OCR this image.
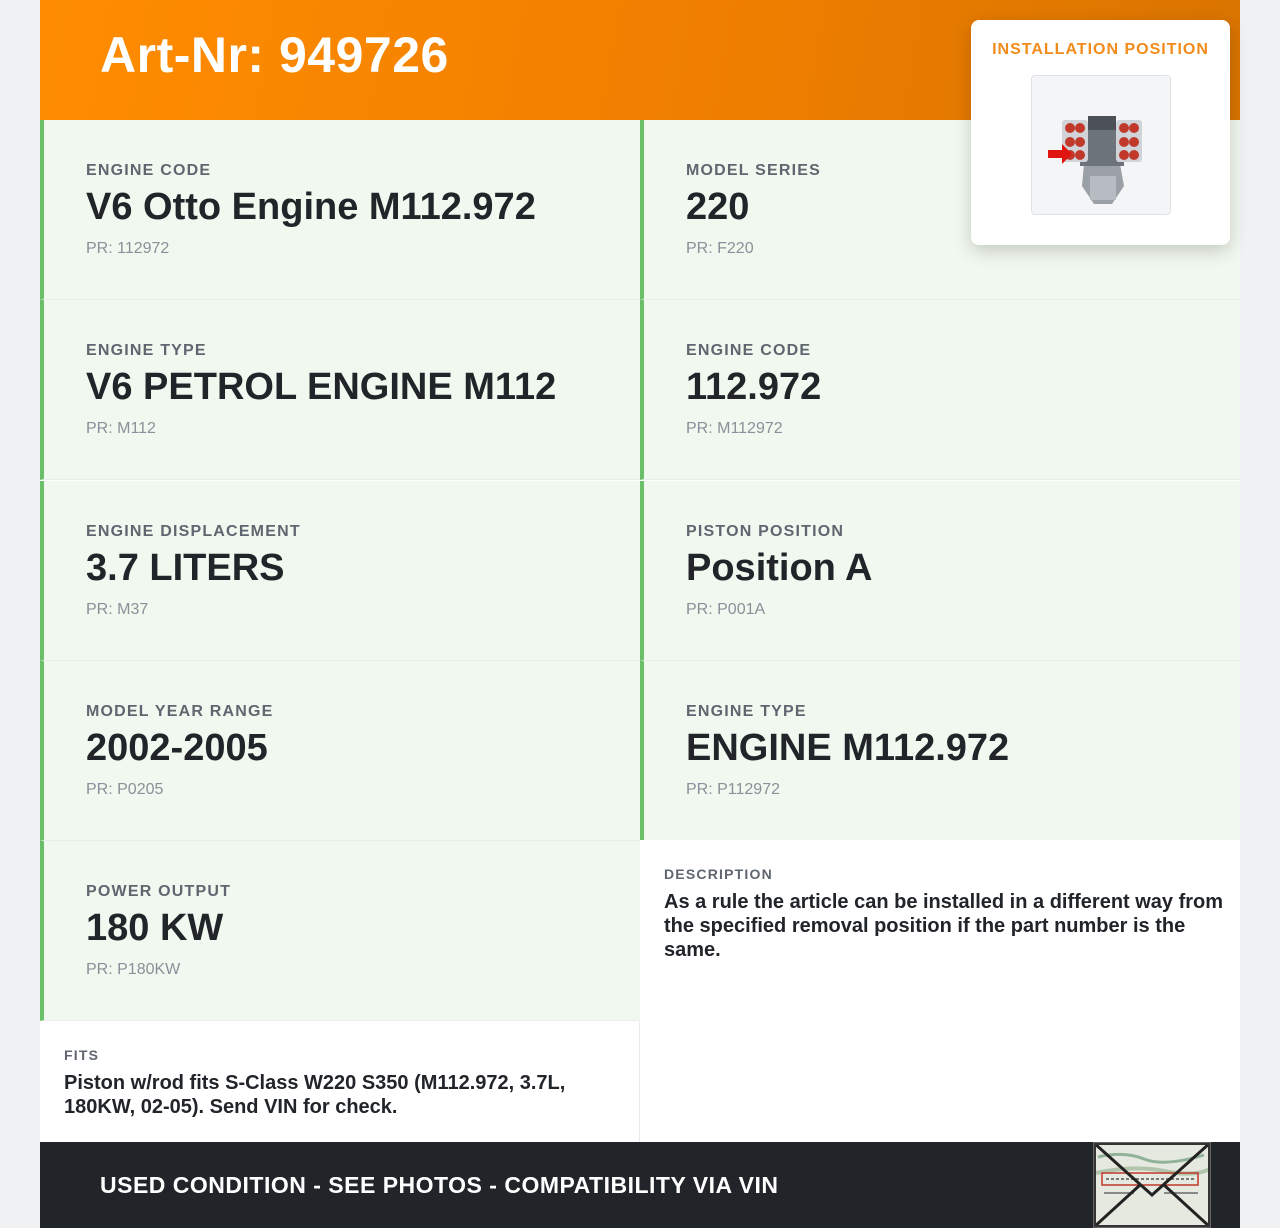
Art-Nr: 949726	INSTALLATION POSITION
ENGINE CODE
V6 Otto Engine M112.972
PR: 112972
MODEL SERIES
220
PR: F220
ENGINE TYPE
V6 PETROL ENGINE M112
PR: M112
ENGINE CODE
112.972
PR: M112972
ENGINE DISPLACEMENT
3.7 LITERS
PR: M37
PISTON POSITION
Position A
PR: P001A
MODEL YEAR RANGE
2002-2005
PR: P0205
ENGINE TYPE
ENGINE M112.972
PR: P112972
POWER OUTPUT
180 KW
PR: P180KW
FITS
Piston w/rod fits S-Class W220 S350 (M112.972, 3.7L, 180KW, 02-05). Send VIN for check.
DESCRIPTION
As a rule the article can be installed in a different way from the specified removal position if the part number is the same.
USED CONDITION - SEE PHOTOS - COMPATIBILITY VIA VIN
